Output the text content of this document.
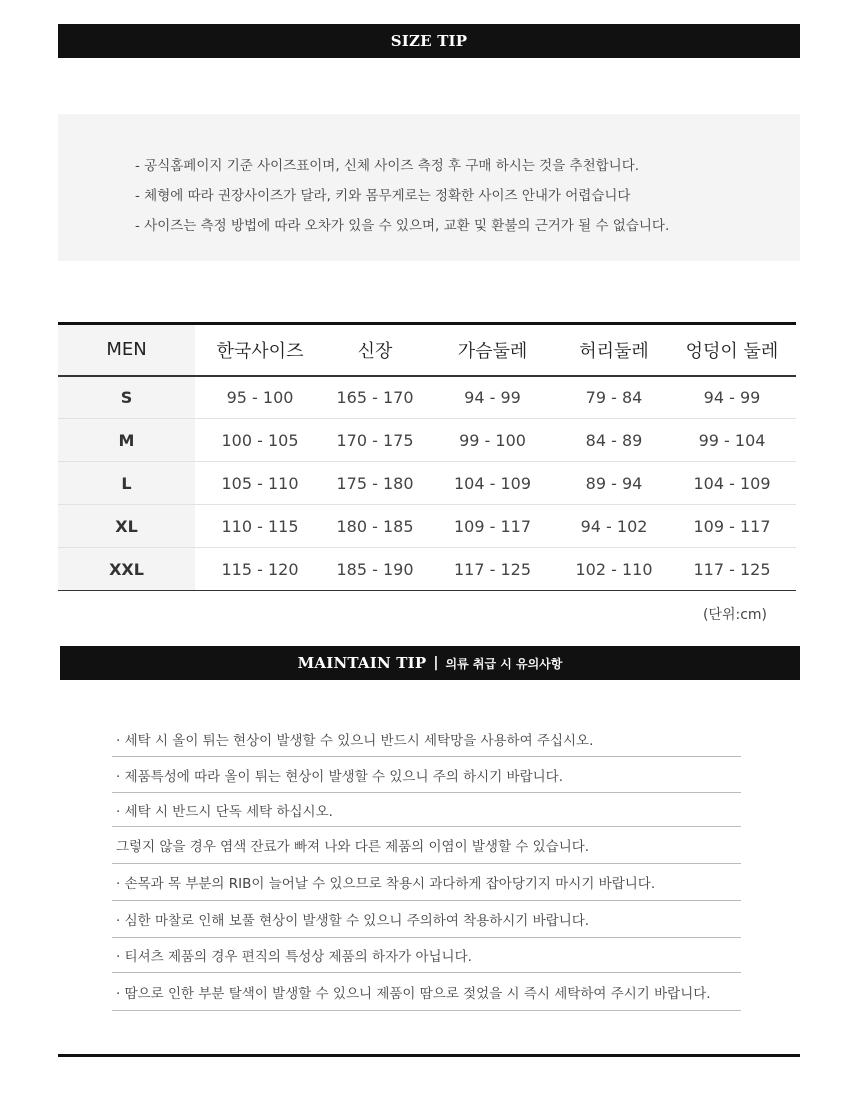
SIZE TIP
- 공식홈페이지 기준 사이즈표이며, 신체 사이즈 측정 후 구매 하시는 것을 추천합니다.
- 체형에 따라 권장사이즈가 달라, 키와 몸무게로는 정확한 사이즈 안내가 어렵습니다
- 사이즈는 측정 방법에 따라 오차가 있을 수 있으며, 교환 및 환불의 근거가 될 수 없습니다.
MEN	한국사이즈	신장	가슴둘레	허리둘레	엉덩이 둘레
S	95 - 100	165 - 170	94 - 99	79 - 84	94 - 99
M	100 - 105	170 - 175	99 - 100	84 - 89	99 - 104
L	105 - 110	175 - 180	104 - 109	89 - 94	104 - 109
XL	110 - 115	180 - 185	109 - 117	94 - 102	109 - 117
XXL	115 - 120	185 - 190	117 - 125	102 - 110	117 - 125
(단위:cm)
MAINTAIN TIP | 의류 취급 시 유의사항
· 세탁 시 올이 튀는 현상이 발생할 수 있으니 반드시 세탁망을 사용하여 주십시오.
· 제품특성에 따라 올이 튀는 현상이 발생할 수 있으니 주의 하시기 바랍니다.
· 세탁 시 반드시 단독 세탁 하십시오.
그렇지 않을 경우 염색 잔료가 빠져 나와 다른 제품의 이염이 발생할 수 있습니다.
· 손목과 목 부분의 RIB이 늘어날 수 있으므로 착용시 과다하게 잡아당기지 마시기 바랍니다.
· 심한 마찰로 인해 보풀 현상이 발생할 수 있으니 주의하여 착용하시기 바랍니다.
· 티셔츠 제품의 경우 편직의 특성상 제품의 하자가 아닙니다.
· 땀으로 인한 부분 탈색이 발생할 수 있으니 제품이 땀으로 젖었을 시 즉시 세탁하여 주시기 바랍니다.
